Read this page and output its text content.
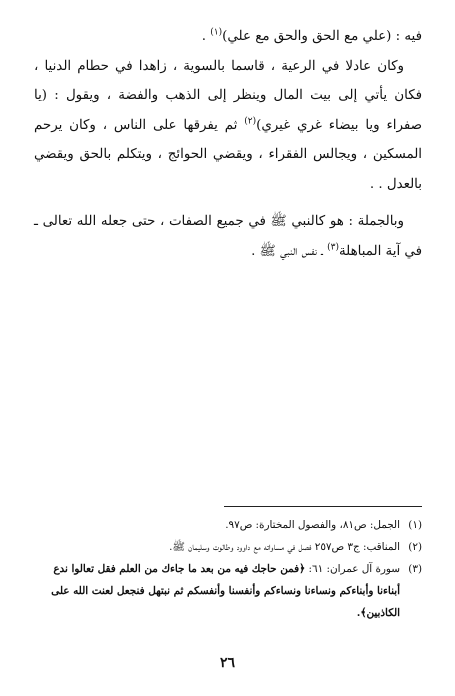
فيه : (علي مع الحق والحق مع علي)$^{(١)}$ .

وكان عادلا في الرعية ، قاسما بالسوية ، زاهدا في حطام الدنيا ، فكان يأتي إلى بيت المال وينظر إلى الذهب والفضة ، ويقول : (يا صفراء ويا بيضاء غري غيري)$^{(٢)}$ ثم يفرقها على الناس ، وكان يرحم المسكين ، ويجالس الفقراء ، ويقضي الحوائج ، ويتكلم بالحق ويقضي بالعدل . .

وبالجملة : هو كالنبي ﷺ في جميع الصفات ، حتى جعله الله تعالى ـ في آية المباهلة$^{(٣)}$ ـ نفس النبي ﷺ .

(١)
الجمل: ص٨١، والفصول المختارة: ص٩٧.
(٢)
المناقب: ج٣ ص٢٥٧ فصل في مساواته مع داوود وطالوت وسليمان ﷺ.
(٣)
سورة آل عمران: ٦١: ﴿فمن حاجك فيه من بعد ما جاءك من العلم فقل تعالوا ندع أبناءنا وأبناءكم ونساءنا ونساءكم وأنفسنا وأنفسكم ثم نبتهل فنجعل لعنت الله على الكاذبين﴾.
٢٦
